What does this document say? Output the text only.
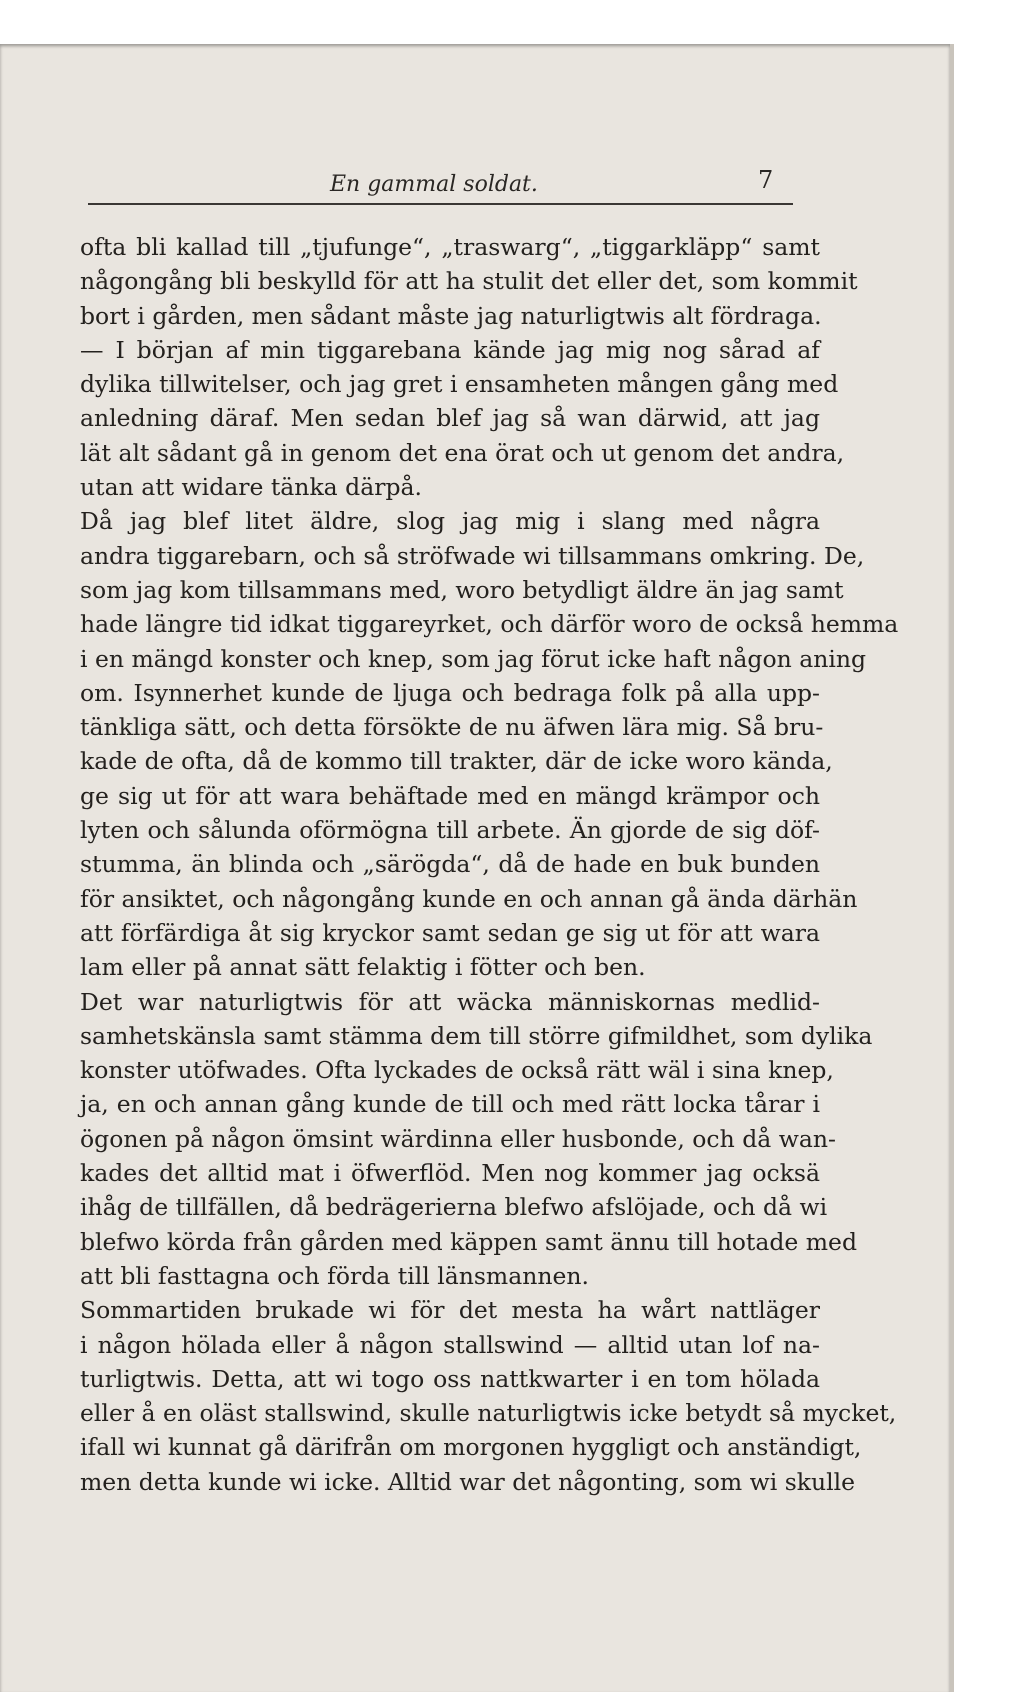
En gammal soldat.	7
ofta bli kallad till „tjufunge“, „traswarg“, „tiggarkläpp“ samt
någongång bli beskylld för att ha stulit det eller det, som kommit
bort i gården, men sådant måste jag naturligtwis alt fördraga.
— I början af min tiggarebana kände jag mig nog sårad af
dylika tillwitelser, och jag gret i ensamheten mången gång med
anledning däraf. Men sedan blef jag så wan därwid, att jag
lät alt sådant gå in genom det ena örat och ut genom det andra,
utan att widare tänka därpå.
Då jag blef litet äldre, slog jag mig i slang med några
andra tiggarebarn, och så ströfwade wi tillsammans omkring. De,
som jag kom tillsammans med, woro betydligt äldre än jag samt
hade längre tid idkat tiggareyrket, och därför woro de också hemma
i en mängd konster och knep, som jag förut icke haft någon aning
om. Isynnerhet kunde de ljuga och bedraga folk på alla upp-
tänkliga sätt, och detta försökte de nu äfwen lära mig. Så bru-
kade de ofta, då de kommo till trakter, där de icke woro kända,
ge sig ut för att wara behäftade med en mängd krämpor och
lyten och sålunda oförmögna till arbete. Än gjorde de sig döf-
stumma, än blinda och „särögda“, då de hade en buk bunden
för ansiktet, och någongång kunde en och annan gå ända därhän
att förfärdiga åt sig kryckor samt sedan ge sig ut för att wara
lam eller på annat sätt felaktig i fötter och ben.
Det war naturligtwis för att wäcka människornas medlid-
samhetskänsla samt stämma dem till större gifmildhet, som dylika
konster utöfwades. Ofta lyckades de också rätt wäl i sina knep,
ja, en och annan gång kunde de till och med rätt locka tårar i
ögonen på någon ömsint wärdinna eller husbonde, och då wan-
kades det alltid mat i öfwerflöd. Men nog kommer jag ocksä
ihåg de tillfällen, då bedrägerierna blefwo afslöjade, och då wi
blefwo körda från gården med käppen samt ännu till hotade med
att bli fasttagna och förda till länsmannen.
Sommartiden brukade wi för det mesta ha wårt nattläger
i någon hölada eller å någon stallswind — alltid utan lof na-
turligtwis. Detta, att wi togo oss nattkwarter i en tom hölada
eller å en oläst stallswind, skulle naturligtwis icke betydt så mycket,
ifall wi kunnat gå därifrån om morgonen hyggligt och anständigt,
men detta kunde wi icke. Alltid war det någonting, som wi skulle
